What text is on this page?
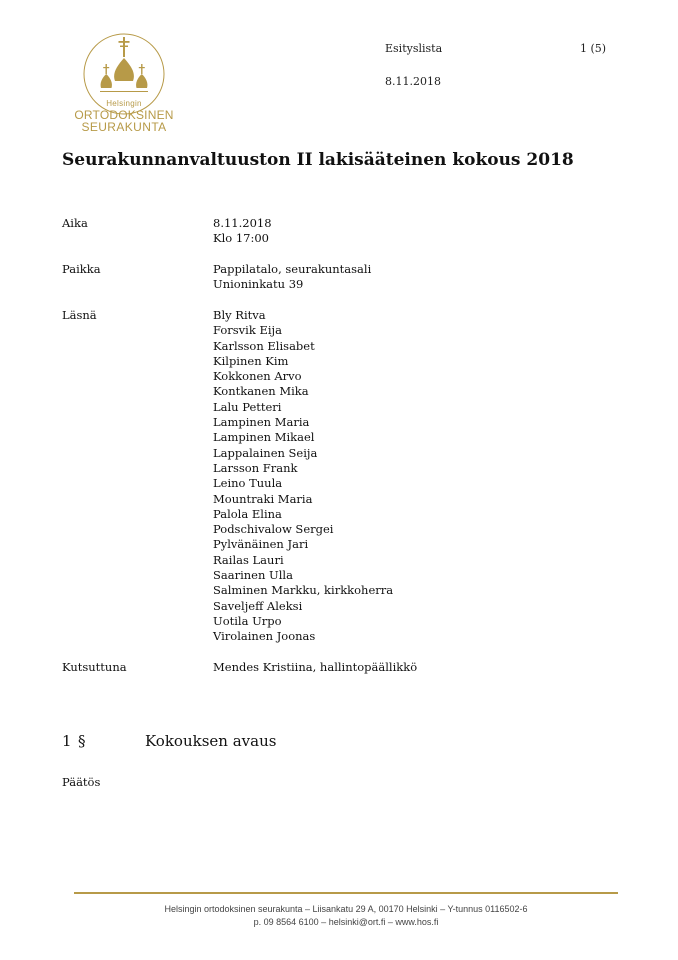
Helsingin
ORTODOKSINEN
SEURAKUNTA
Esityslista	1 (5)
8.11.2018
Seurakunnanvaltuuston II lakisääteinen kokous 2018
Aika	8.11.2018
Klo 17:00
Paikka	Pappilatalo, seurakuntasali
Unioninkatu 39
Läsnä	Bly Ritva
Forsvik Eija
Karlsson Elisabet
Kilpinen Kim
Kokkonen Arvo
Kontkanen Mika
Lalu Petteri
Lampinen Maria
Lampinen Mikael
Lappalainen Seija
Larsson Frank
Leino Tuula
Mountraki Maria
Palola Elina
Podschivalow Sergei
Pylvänäinen Jari
Railas Lauri
Saarinen Ulla
Salminen Markku, kirkkoherra
Saveljeff Aleksi
Uotila Urpo
Virolainen Joonas
Kutsuttuna	Mendes Kristiina, hallintopäällikkö
1 §	Kokouksen avaus
Päätös
Helsingin ortodoksinen seurakunta – Liisankatu 29 A, 00170 Helsinki – Y-tunnus 0116502-6
p. 09 8564 6100 – helsinki@ort.fi – www.hos.fi
